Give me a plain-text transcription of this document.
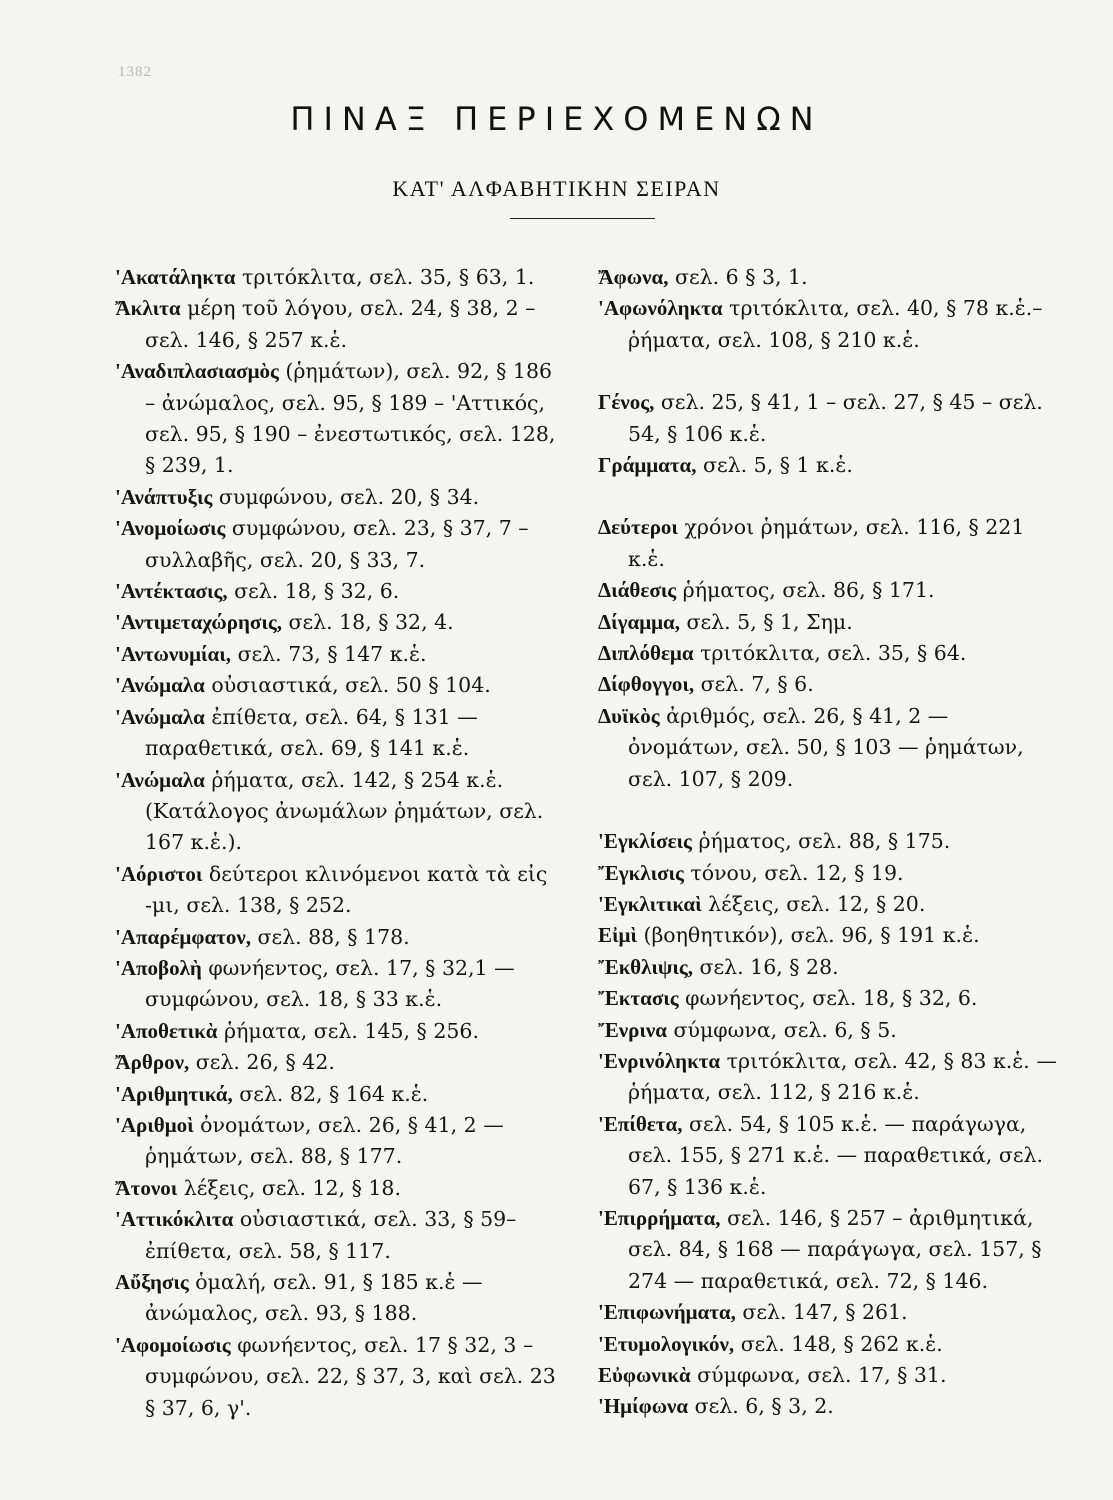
1382
ΠΙΝΑΞ ΠΕΡΙΕΧΟΜΕΝΩΝ
ΚΑΤ' ΑΛΦΑΒΗΤΙΚΗΝ ΣΕΙΡΑΝ
'Ακατάληκτα τριτόκλιτα, σελ. 35, § 63, 1.
Ἄκλιτα μέρη τοῦ λόγου, σελ. 24, § 38, 2 – σελ. 146, § 257 κ.ἑ.
'Αναδιπλασιασμὸς (ῥημάτων), σελ. 92, § 186 – ἀνώμαλος, σελ. 95, § 189 – 'Αττικός, σελ. 95, § 190 – ἐνεστωτικός, σελ. 128, § 239, 1.
'Ανάπτυξις συμφώνου, σελ. 20, § 34.
'Ανομοίωσις συμφώνου, σελ. 23, § 37, 7 – συλλαβῆς, σελ. 20, § 33, 7.
'Αντέκτασις, σελ. 18, § 32, 6.
'Αντιμεταχώρησις, σελ. 18, § 32, 4.
'Αντωνυμίαι, σελ. 73, § 147 κ.ἑ.
'Ανώμαλα οὐσιαστικά, σελ. 50 § 104.
'Ανώμαλα ἐπίθετα, σελ. 64, § 131 — παραθετικά, σελ. 69, § 141 κ.ἑ.
'Ανώμαλα ῥήματα, σελ. 142, § 254 κ.ἑ. (Κατάλογος ἀνωμάλων ῥημάτων, σελ. 167 κ.ἑ.).
'Αόριστοι δεύτεροι κλινόμενοι κατὰ τὰ εἰς -μι, σελ. 138, § 252.
'Απαρέμφατον, σελ. 88, § 178.
'Αποβολὴ φωνήεντος, σελ. 17, § 32,1 — συμφώνου, σελ. 18, § 33 κ.ἑ.
'Αποθετικὰ ῥήματα, σελ. 145, § 256.
Ἄρθρον, σελ. 26, § 42.
'Αριθμητικά, σελ. 82, § 164 κ.ἑ.
'Αριθμοὶ ὀνομάτων, σελ. 26, § 41, 2 — ῥημάτων, σελ. 88, § 177.
Ἄτονοι λέξεις, σελ. 12, § 18.
'Αττικόκλιτα οὐσιαστικά, σελ. 33, § 59– ἐπίθετα, σελ. 58, § 117.
Αὔξησις ὁμαλή, σελ. 91, § 185 κ.ἑ — ἀνώμαλος, σελ. 93, § 188.
'Αφομοίωσις φωνήεντος, σελ. 17 § 32, 3 – συμφώνου, σελ. 22, § 37, 3, καὶ σελ. 23 § 37, 6, γ'.
Ἄφωνα, σελ. 6 § 3, 1.
'Αφωνόληκτα τριτόκλιτα, σελ. 40, § 78 κ.ἑ.– ῥήματα, σελ. 108, § 210 κ.ἑ.
Γένος, σελ. 25, § 41, 1 – σελ. 27, § 45 – σελ. 54, § 106 κ.ἑ.
Γράμματα, σελ. 5, § 1 κ.ἑ.
Δεύτεροι χρόνοι ῥημάτων, σελ. 116, § 221 κ.ἑ.
Διάθεσις ῥήματος, σελ. 86, § 171.
Δίγαμμα, σελ. 5, § 1, Σημ.
Διπλόθεμα τριτόκλιτα, σελ. 35, § 64.
Δίφθογγοι, σελ. 7, § 6.
Δυϊκὸς ἀριθμός, σελ. 26, § 41, 2 — ὀνομάτων, σελ. 50, § 103 — ῥημάτων, σελ. 107, § 209.
'Εγκλίσεις ῥήματος, σελ. 88, § 175.
Ἔγκλισις τόνου, σελ. 12, § 19.
'Εγκλιτικαὶ λέξεις, σελ. 12, § 20.
Εἰμὶ (βοηθητικόν), σελ. 96, § 191 κ.ἑ.
Ἔκθλιψις, σελ. 16, § 28.
Ἔκτασις φωνήεντος, σελ. 18, § 32, 6.
Ἔνρινα σύμφωνα, σελ. 6, § 5.
'Ενρινόληκτα τριτόκλιτα, σελ. 42, § 83 κ.ἑ. — ῥήματα, σελ. 112, § 216 κ.ἑ.
'Επίθετα, σελ. 54, § 105 κ.ἑ. — παράγωγα, σελ. 155, § 271 κ.ἑ. — παραθετικά, σελ. 67, § 136 κ.ἑ.
'Επιρρήματα, σελ. 146, § 257 – ἀριθμητικά, σελ. 84, § 168 — παράγωγα, σελ. 157, § 274 — παραθετικά, σελ. 72, § 146.
'Επιφωνήματα, σελ. 147, § 261.
'Ετυμολογικόν, σελ. 148, § 262 κ.ἑ.
Εὐφωνικὰ σύμφωνα, σελ. 17, § 31.
'Ημίφωνα σελ. 6, § 3, 2.
